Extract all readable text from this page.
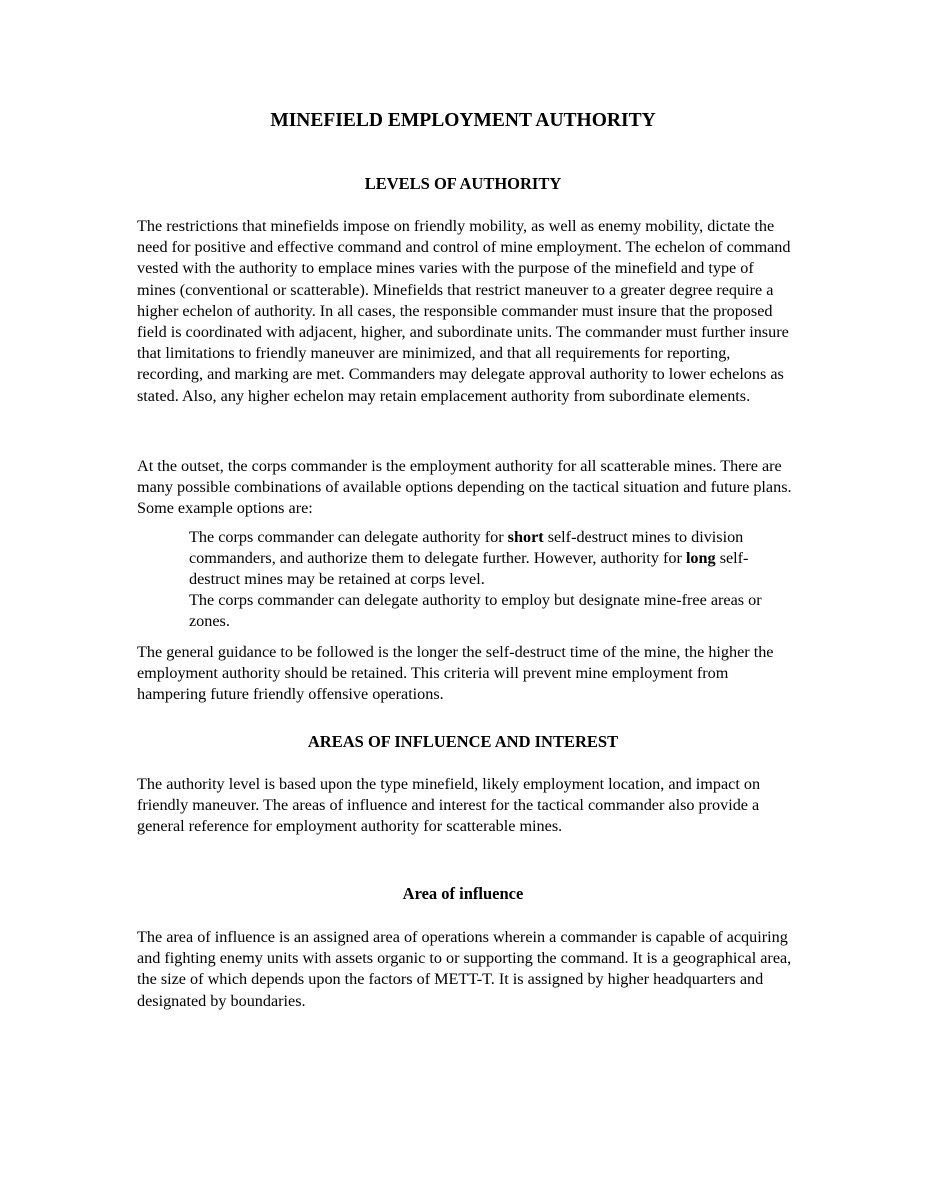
MINEFIELD EMPLOYMENT AUTHORITY
LEVELS OF AUTHORITY

The restrictions that minefields impose on friendly mobility, as well as enemy mobility, dictate the need for positive and effective command and control of mine employment. The echelon of command vested with the authority to emplace mines varies with the purpose of the minefield and type of mines (conventional or scatterable). Minefields that restrict maneuver to a greater degree require a higher echelon of authority. In all cases, the responsible commander must insure that the proposed field is coordinated with adjacent, higher, and subordinate units. The commander must further insure that limitations to friendly maneuver are minimized, and that all requirements for reporting, recording, and marking are met. Commanders may delegate approval authority to lower echelons as stated. Also, any higher echelon may retain emplacement authority from subordinate elements.

At the outset, the corps commander is the employment authority for all scatterable mines. There are many possible combinations of available options depending on the tactical situation and future plans. Some example options are:

The corps commander can delegate authority for short self-destruct mines to division commanders, and authorize them to delegate further. However, authority for long self-destruct mines may be retained at corps level.

The corps commander can delegate authority to employ but designate mine-free areas or zones.

The general guidance to be followed is the longer the self-destruct time of the mine, the higher the employment authority should be retained. This criteria will prevent mine employment from hampering future friendly offensive operations.

AREAS OF INFLUENCE AND INTEREST

The authority level is based upon the type minefield, likely employment location, and impact on friendly maneuver. The areas of influence and interest for the tactical commander also provide a general reference for employment authority for scatterable mines.

Area of influence

The area of influence is an assigned area of operations wherein a commander is capable of acquiring and fighting enemy units with assets organic to or supporting the command. It is a geographical area, the size of which depends upon the factors of METT-T. It is assigned by higher headquarters and designated by boundaries.
